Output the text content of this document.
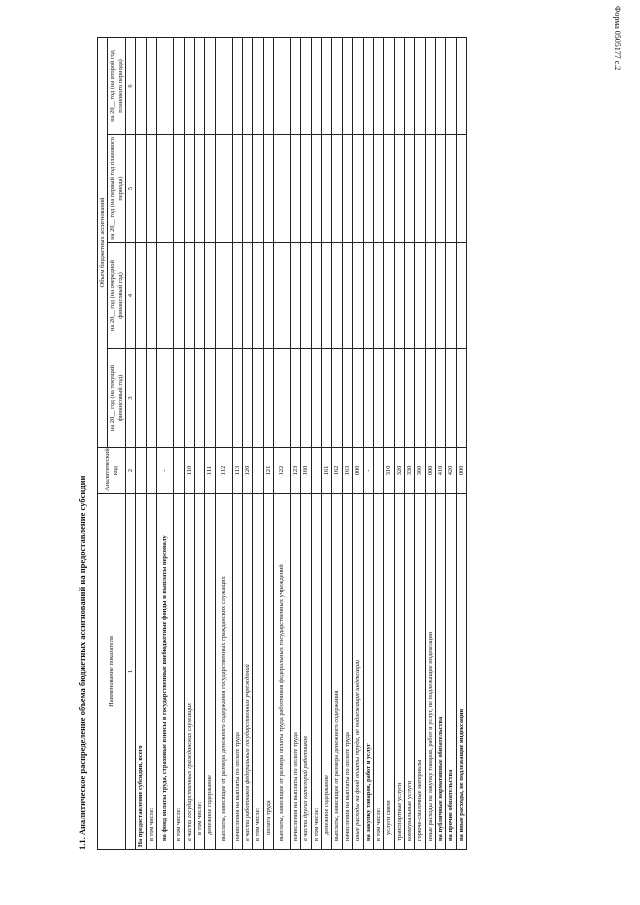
Форма 0505177 с.2
1.1. Аналитическое распределение объема бюджетных ассигнований на предоставление субсидии	Наименование показателя	Аналитический код	Объем бюджетных ассигнований			
		на 20__ год (на текущий финансовый год)	на 20__ год (на очередной финансовый год)	на 20__ год (на первый год планового периода)	на 20__ год (на второй год планового периода)
1	2	3	4	5	6
На предоставление субсидии, всего					
в том числе:					
на фонд оплаты труда, страховые взносы в государственные внебюджетные фонды и выплаты персоналу	-				
в том числе:					
в части государственных гражданских служащих	110				
в том числе:					
денежное содержание	111				
выплаты, зависящие от размера денежного содержания государственных гражданских служащих	112				
начисления на выплаты по оплате труда	113				
в части работников федеральных государственных учреждений	120				
в том числе:					
оплата труда	121				
выплаты, зависящие от размера оплаты труда работников федеральных государственных учреждений	122				
начисления на выплаты по оплате труда	123				
в части других категорий работников	160				
в том числе:					
денежное содержание	161				
выплаты, зависящие от размера денежного содержания	162				
начисления на выплаты по оплате труда	163				
иные расходы на фонд оплаты труда, не подлежащие индексации	000				
на закупку товаров, работ и услуг	-				
в том числе:					
услуги связи	310				
транспортные услуги	320				
коммунальные услуги	330				
горюче-смазочные материалы	360				
иные расходы на закупку товаров, работ и услуг, не подлежащие индексации	000				
на публичные нормативные обязательства	410				
на прочие обязательства	420				
на иные расходы, не подлежащие индексации	000				
